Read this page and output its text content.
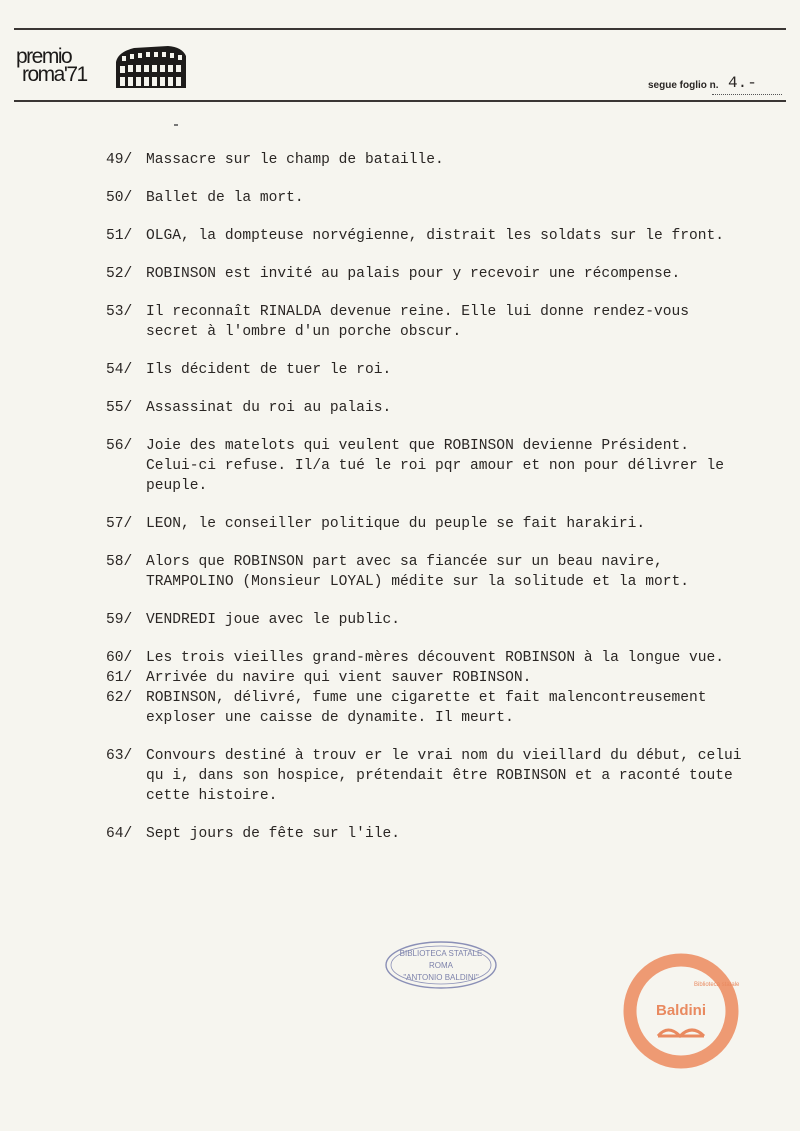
premio
roma'71	segue foglio n. 4.-
49/ Massacre sur le champ de bataille.
50/ Ballet de la mort.
51/ OLGA, la dompteuse norvégienne, distrait les soldats sur le front.
52/ ROBINSON est invité au palais pour y recevoir une récompense.
53/ Il reconnaît RINALDA devenue reine. Elle lui donne rendez-vous
secret à l'ombre d'un porche obscur.
54/ Ils décident de tuer le roi.
55/ Assassinat du roi au palais.
56/ Joie des matelots qui veulent que ROBINSON devienne Président.
Celui-ci refuse. Il/a tué le roi pqr amour et non pour délivrer le
peuple.
57/ LEON, le conseiller politique du peuple se fait harakiri.
58/ Alors que ROBINSON part avec sa fiancée sur un beau navire,
TRAMPOLINO (Monsieur LOYAL) médite sur la solitude et la mort.
59/ VENDREDI joue avec le public.
60/ Les trois vieilles grand-mères découvent ROBINSON à la longue vue.
61/ Arrivée du navire qui vient sauver ROBINSON.
62/ ROBINSON, délivré, fume une cigarette et fait malencontreusement
exploser une caisse de dynamite. Il meurt.
63/ Convours destiné à trouv er le vrai nom du vieillard du début, celui
qu i, dans son hospice, prétendait être ROBINSON et a raconté toute
cette histoire.
64/ Sept jours de fête sur l'ile.
BIBLIOTECA STATALE
ROMA
"ANTONIO BALDINI"
Biblioteca statale
Baldini
